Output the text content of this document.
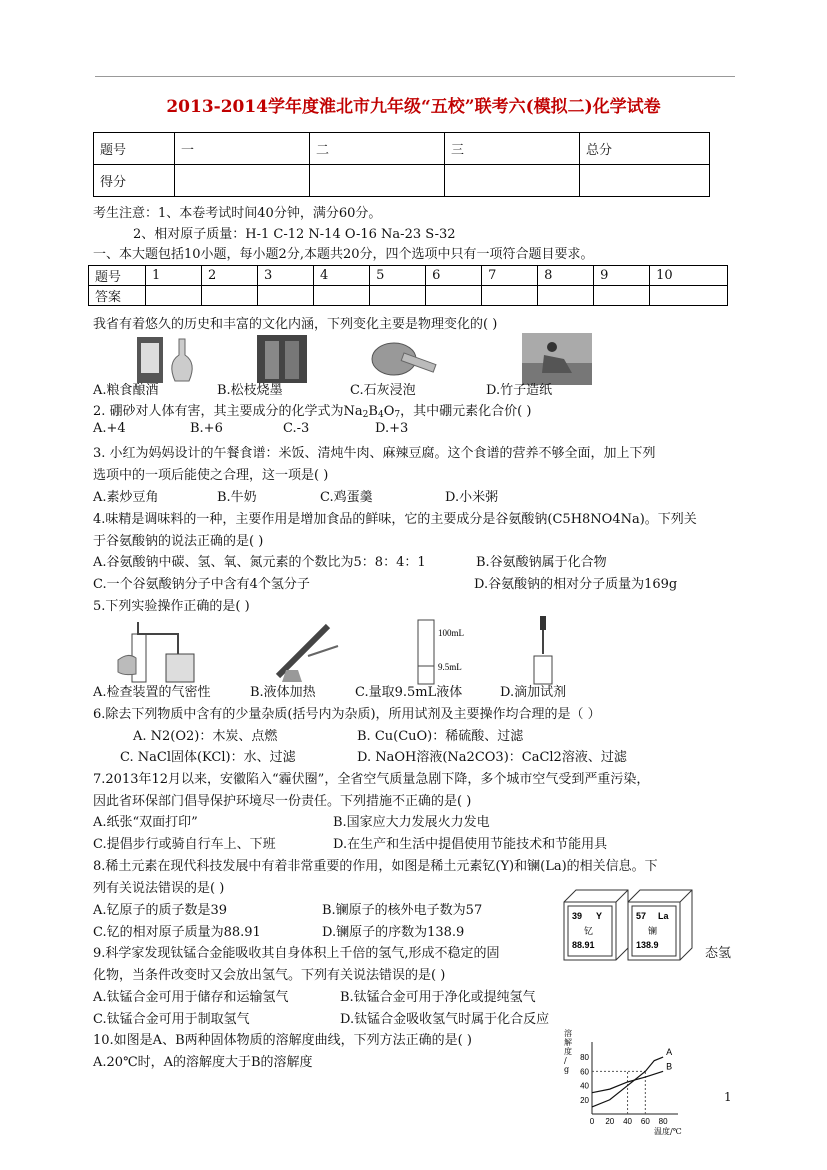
2013-2014学年度淮北市九年级“五校”联考六(模拟二)化学试卷
题号	一	二	三	总分
得分				
考生注意：1、本卷考试时间40分钟，满分60分。
2、相对原子质量：H-1 C-12 N-14 O-16 Na-23 S-32
一、本大题包括10小题，每小题2分,本题共20分，四个选项中只有一项符合题目要求。
题号	1	2	3	4	5	6	7	8	9	10
答案										
我省有着悠久的历史和丰富的文化内涵，下列变化主要是物理变化的( )
A.粮食酿酒	B.松枝烧墨	C.石灰浸泡	D.竹子造纸
2. 硼砂对人体有害，其主要成分的化学式为$Na_2B_4O_7$，其中硼元素化合价( )
A.+4	B.+6	C.-3	D.+3
3. 小红为妈妈设计的午餐食谱：米饭、清炖牛肉、麻辣豆腐。这个食谱的营养不够全面，加上下列
选项中的一项后能使之合理，这一项是( )
A.素炒豆角	B.牛奶	C.鸡蛋羹	D.小米粥
4.味精是调味料的一种，主要作用是增加食品的鲜味，它的主要成分是谷氨酸钠(C5H8NO4Na)。下列关
于谷氨酸钠的说法正确的是( )
A.谷氨酸钠中碳、氢、氧、氮元素的个数比为5：8：4：1	B.谷氨酸钠属于化合物
C.一个谷氨酸钠分子中含有4个氢分子	D.谷氨酸钠的相对分子质量为169g
5.下列实验操作正确的是( )
100mL
9.5mL
A.检查装置的气密性	B.液体加热	C.量取9.5mL液体	D.滴加试剂
6.除去下列物质中含有的少量杂质(括号内为杂质)，所用试剂及主要操作均合理的是（ ）
A. N2(O2)：木炭、点燃	B. Cu(CuO)：稀硫酸、过滤
C. NaCl固体(KCl)：水、过滤	D. NaOH溶液(Na2CO3)：CaCl2溶液、过滤
7.2013年12月以来，安徽陷入“霾伏圈”，全省空气质量急剧下降，多个城市空气受到严重污染，
因此省环保部门倡导保护环境尽一份责任。下列措施不正确的是( )
A.纸张“双面打印”	B.国家应大力发展火力发电
C.提倡步行或骑自行车上、下班	D.在生产和生活中提倡使用节能技术和节能用具
8.稀土元素在现代科技发展中有着非常重要的作用，如图是稀土元素钇(Y)和镧(La)的相关信息。下
列有关说法错误的是( )
A.钇原子的质子数是39	B.镧原子的核外电子数为57
C.钇的相对原子质量为88.91	D.镧原子的序数为138.9
39 Y
钇
88.91
57 La
镧
138.9
9.科学家发现钛锰合金能吸收其自身体积上千倍的氢气,形成不稳定的固	态氢
化物，当条件改变时又会放出氢气。下列有关说法错误的是( )
A.钛锰合金可用于储存和运输氢气	B.钛锰合金可用于净化或提纯氢气
C.钛锰合金可用于制取氢气	D.钛锰合金吸收氢气时属于化合反应
10.如图是A、B两种固体物质的溶解度曲线，下列方法正确的是( )
A.20℃时，A的溶解度大于B的溶解度
0 20 40 60 80
20
40
60
80
温度/℃
溶解度/ g
A
B
1
